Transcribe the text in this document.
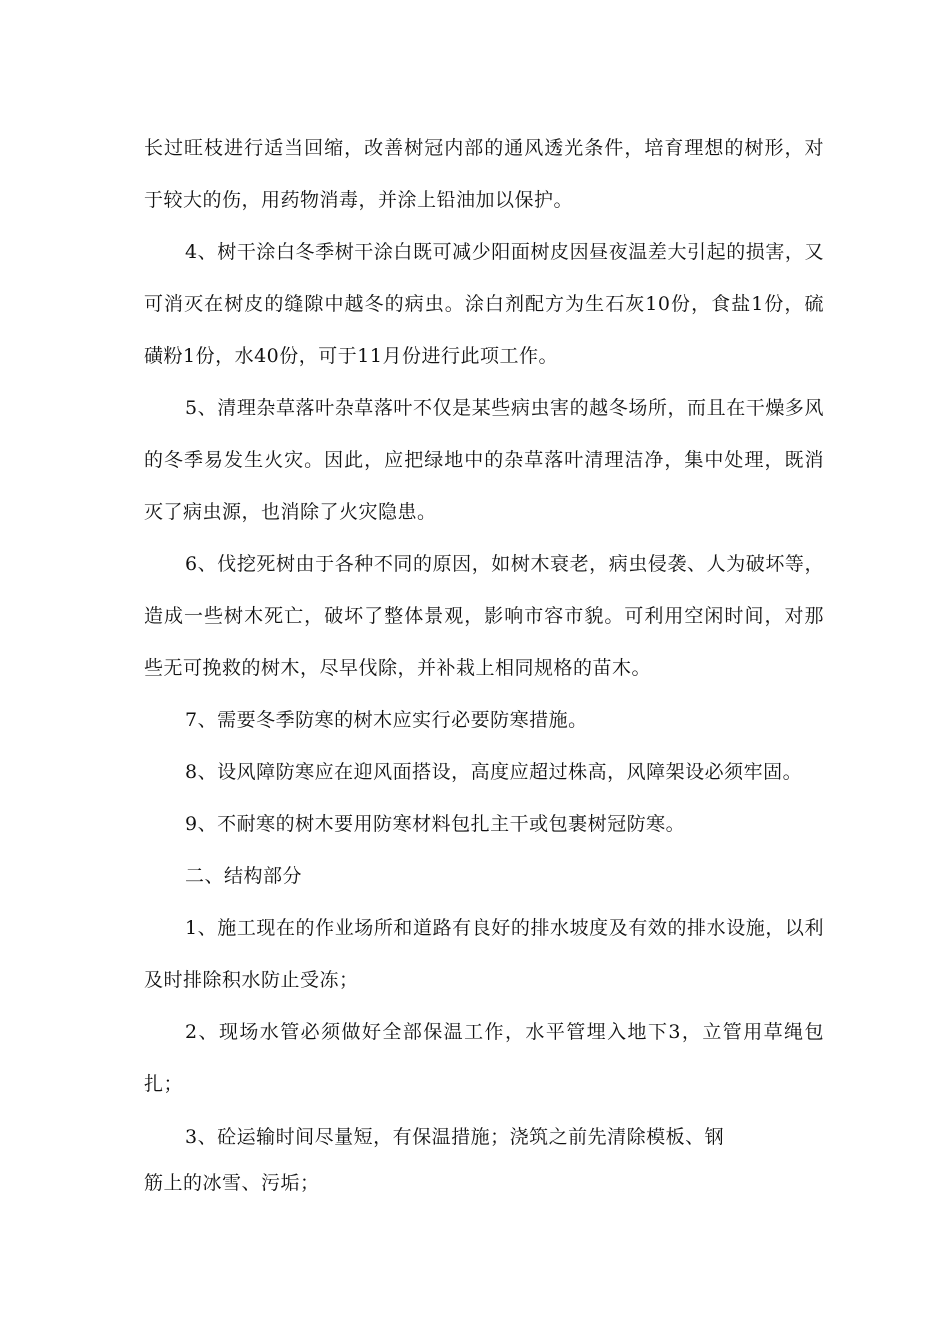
长过旺枝进行适当回缩，改善树冠内部的通风透光条件，培育理想的树形，对于较大的伤，用药物消毒，并涂上铅油加以保护。

4、树干涂白冬季树干涂白既可减少阳面树皮因昼夜温差大引起的损害，又可消灭在树皮的缝隙中越冬的病虫。涂白剂配方为生石灰10份，食盐1份，硫磺粉1份，水40份，可于11月份进行此项工作。

5、清理杂草落叶杂草落叶不仅是某些病虫害的越冬场所，而且在干燥多风的冬季易发生火灾。因此，应把绿地中的杂草落叶清理洁净，集中处理，既消灭了病虫源，也消除了火灾隐患。

6、伐挖死树由于各种不同的原因，如树木衰老，病虫侵袭、人为破坏等，造成一些树木死亡，破坏了整体景观，影响市容市貌。可利用空闲时间，对那些无可挽救的树木，尽早伐除，并补栽上相同规格的苗木。

7、需要冬季防寒的树木应实行必要防寒措施。

8、设风障防寒应在迎风面搭设，高度应超过株高，风障架设必须牢固。

9、不耐寒的树木要用防寒材料包扎主干或包裹树冠防寒。

二、结构部分

1、施工现在的作业场所和道路有良好的排水坡度及有效的排水设施，以利及时排除积水防止受冻；

2、现场水管必须做好全部保温工作，水平管埋入地下3，立管用草绳包扎；

3、砼运输时间尽量短，有保温措施；浇筑之前先清除模板、钢

筋上的冰雪、污垢；
